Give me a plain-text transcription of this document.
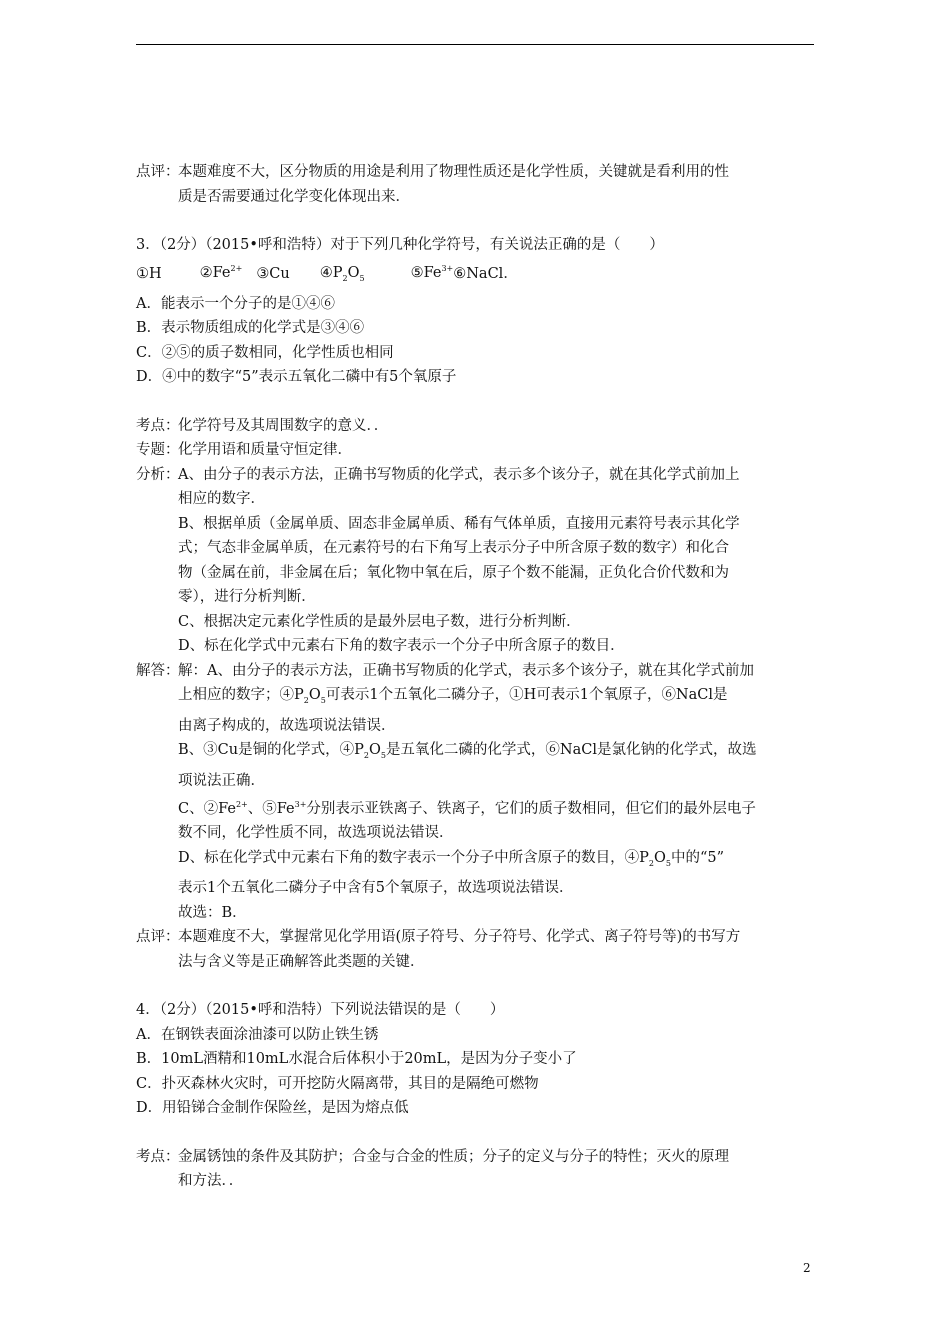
点评：
本题难度不大，区分物质的用途是利用了物理性质还是化学性质，关键就是看利用的性
质是否需要通过化学变化体现出来．
3．（2分）（2015•呼和浩特）对于下列几种化学符号，有关说法正确的是（　　）
①H	$②Fe^{2+}$ ③Cu $④P_2O_5$	$⑤Fe^{3+}⑥NaCl$．
A．能表示一个分子的是①④⑥
B．表示物质组成的化学式是③④⑥
C．②⑤的质子数相同，化学性质也相同
D．④中的数字“5”表示五氧化二磷中有5个氧原子
考点：
化学符号及其周围数字的意义．．
专题：
化学用语和质量守恒定律．
分析：
A、由分子的表示方法，正确书写物质的化学式，表示多个该分子，就在其化学式前加上
相应的数字．
B、根据单质（金属单质、固态非金属单质、稀有气体单质，直接用元素符号表示其化学
式；气态非金属单质，在元素符号的右下角写上表示分子中所含原子数的数字）和化合
物（金属在前，非金属在后；氧化物中氧在后，原子个数不能漏，正负化合价代数和为
零），进行分析判断．
C、根据决定元素化学性质的是最外层电子数，进行分析判断．
D、标在化学式中元素右下角的数字表示一个分子中所含原子的数目．
解答：
解：A、由分子的表示方法，正确书写物质的化学式，表示多个该分子，就在其化学式前加
上相应的数字；$④P_2O_5$可表示1个五氧化二磷分子，①H可表示1个氧原子，⑥NaCl是
由离子构成的，故选项说法错误．
B、③Cu是铜的化学式，$④P_2O_5$是五氧化二磷的化学式，⑥NaCl是氯化钠的化学式，故选
项说法正确．
C、$②Fe^{2+}$、$⑤Fe^{3+}$分别表示亚铁离子、铁离子，它们的质子数相同，但它们的最外层电子
数不同，化学性质不同，故选项说法错误．
D、标在化学式中元素右下角的数字表示一个分子中所含原子的数目，$④P_2O_5$中的“5”
表示1个五氧化二磷分子中含有5个氧原子，故选项说法错误．
故选：B．
点评：
本题难度不大，掌握常见化学用语(原子符号、分子符号、化学式、离子符号等)的书写方
法与含义等是正确解答此类题的关键．
4．（2分）（2015•呼和浩特）下列说法错误的是（　　）
A．在钢铁表面涂油漆可以防止铁生锈
B．10mL酒精和10mL水混合后体积小于20mL，是因为分子变小了
C．扑灭森林火灾时，可开挖防火隔离带，其目的是隔绝可燃物
D．用铅锑合金制作保险丝，是因为熔点低
考点：
金属锈蚀的条件及其防护；合金与合金的性质；分子的定义与分子的特性；灭火的原理
和方法．．
2
